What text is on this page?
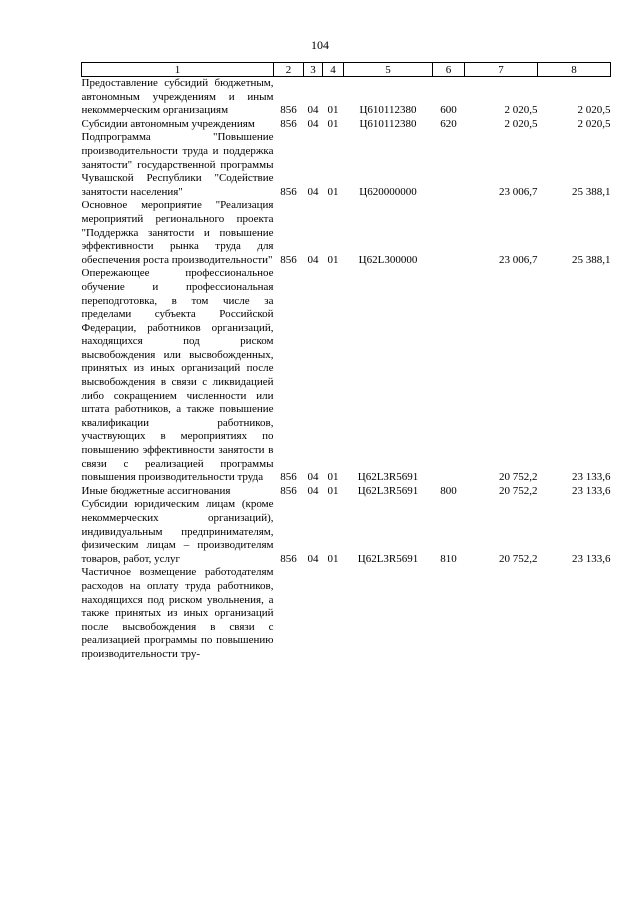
104
1	2	3	4	5	6	7	8
Предоставление субсидий бюджетным, автономным учреждениям и иным некоммерческим организациям	856	04	01	Ц610112380	600	2 020,5	2 020,5
Субсидии автономным учреждениям	856	04	01	Ц610112380	620	2 020,5	2 020,5
Подпрограмма "Повышение производительности труда и поддержка занятости" государственной программы Чувашской Республики "Содействие занятости населения"	856	04	01	Ц620000000		23 006,7	25 388,1
Основное мероприятие "Реализация мероприятий регионального проекта "Поддержка занятости и повышение эффективности рынка труда для обеспечения роста производительности"	856	04	01	Ц62L300000		23 006,7	25 388,1
Опережающее профессиональное обучение и профессиональная переподготовка, в том числе за пределами субъекта Российской Федерации, работников организаций, находящихся под риском высвобождения или высвобожденных, принятых из иных организаций после высвобождения в связи с ликвидацией либо сокращением численности или штата работников, а также повышение квалификации работников, участвующих в мероприятиях по повышению эффективности занятости в связи с реализацией программы повышения производительности труда	856	04	01	Ц62L3R5691		20 752,2	23 133,6
Иные бюджетные ассигнования	856	04	01	Ц62L3R5691	800	20 752,2	23 133,6
Субсидии юридическим лицам (кроме некоммерческих организаций), индивидуальным предпринимателям, физическим лицам – производителям товаров, работ, услуг	856	04	01	Ц62L3R5691	810	20 752,2	23 133,6
Частичное возмещение работодателям расходов на оплату труда работников, находящихся под риском увольнения, а также принятых из иных организаций после высвобождения в связи с реализацией программы по повышению производительности тру-							
